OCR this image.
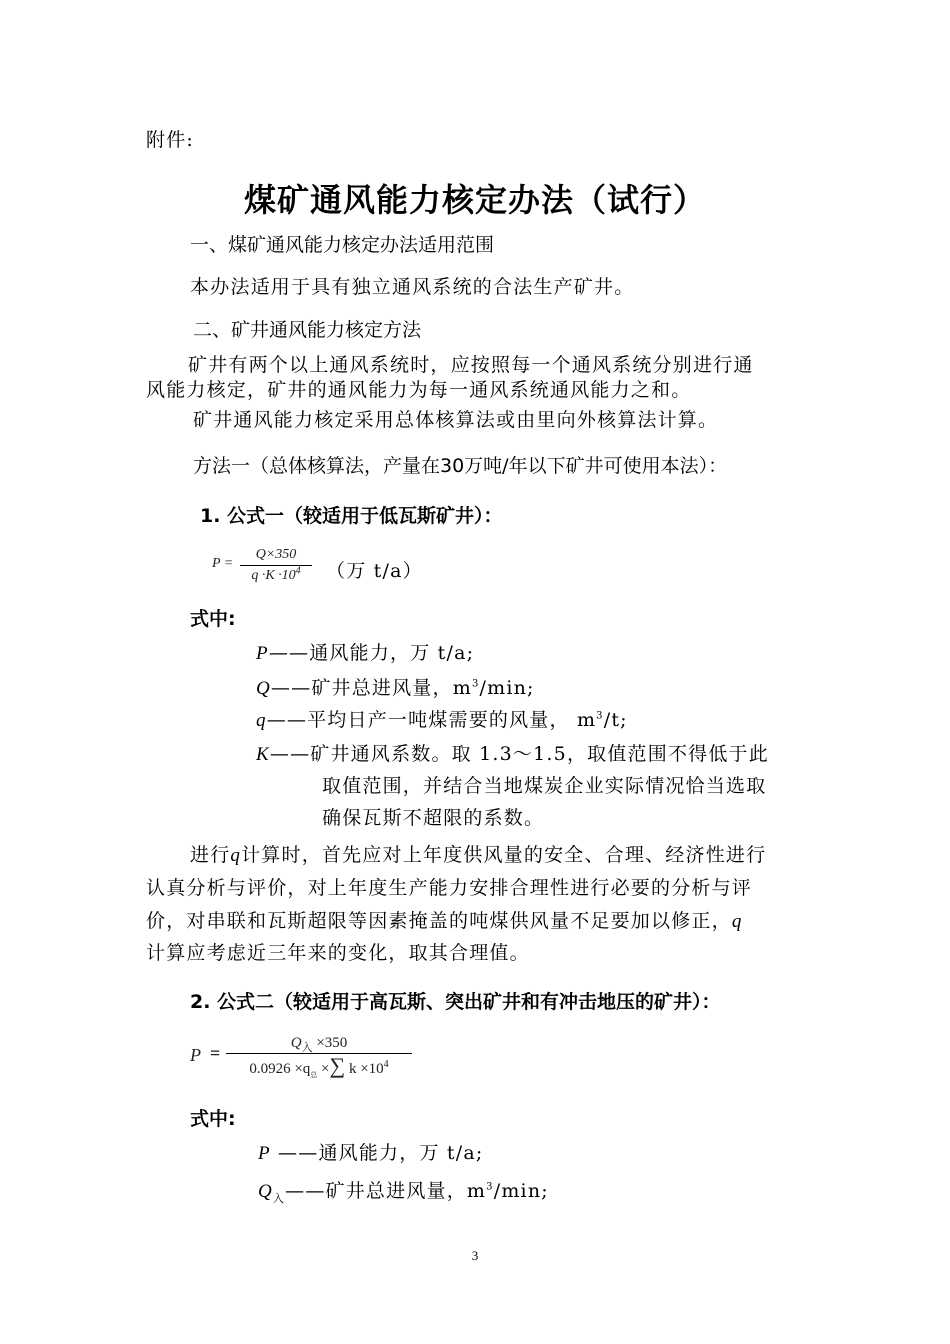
附件:
煤矿通风能力核定办法（试行）
一、煤矿通风能力核定办法适用范围
本办法适用于具有独立通风系统的合法生产矿井。
二、矿井通风能力核定方法
矿井有两个以上通风系统时，应按照每一个通风系统分别进行通
风能力核定，矿井的通风能力为每一通风系统通风能力之和。
矿井通风能力核定采用总体核算法或由里向外核算法计算。
方法一（总体核算法，产量在30万吨/年以下矿井可使用本法）：
1. 公式一（较适用于低瓦斯矿井）：
P =
Q×350
$q \cdot K \cdot 10^4$	（万 t/a）
式中:
P——通风能力，万 t/a;
Q——矿井总进风量，$m^3/\min$;
q——平均日产一吨煤需要的风量， $m^3/t$;
K——矿井通风系数。取 1.3～1.5，取值范围不得低于此
取值范围，并结合当地煤炭企业实际情况恰当选取
确保瓦斯不超限的系数。
进行q计算时，首先应对上年度供风量的安全、合理、经济性进行
认真分析与评价，对上年度生产能力安排合理性进行必要的分析与评
价，对串联和瓦斯超限等因素掩盖的吨煤供风量不足要加以修正，q
计算应考虑近三年来的变化，取其合理值。
2. 公式二（较适用于高瓦斯、突出矿井和有冲击地压的矿井）：
P =	$Q_入 \times 350$
$0.0926 \times q_总$ ×∑ $k \times 10^4$
式中:
P ——通风能力，万 t/a;
$Q_入——$矿井总进风量，$m^3/\min$;
3
